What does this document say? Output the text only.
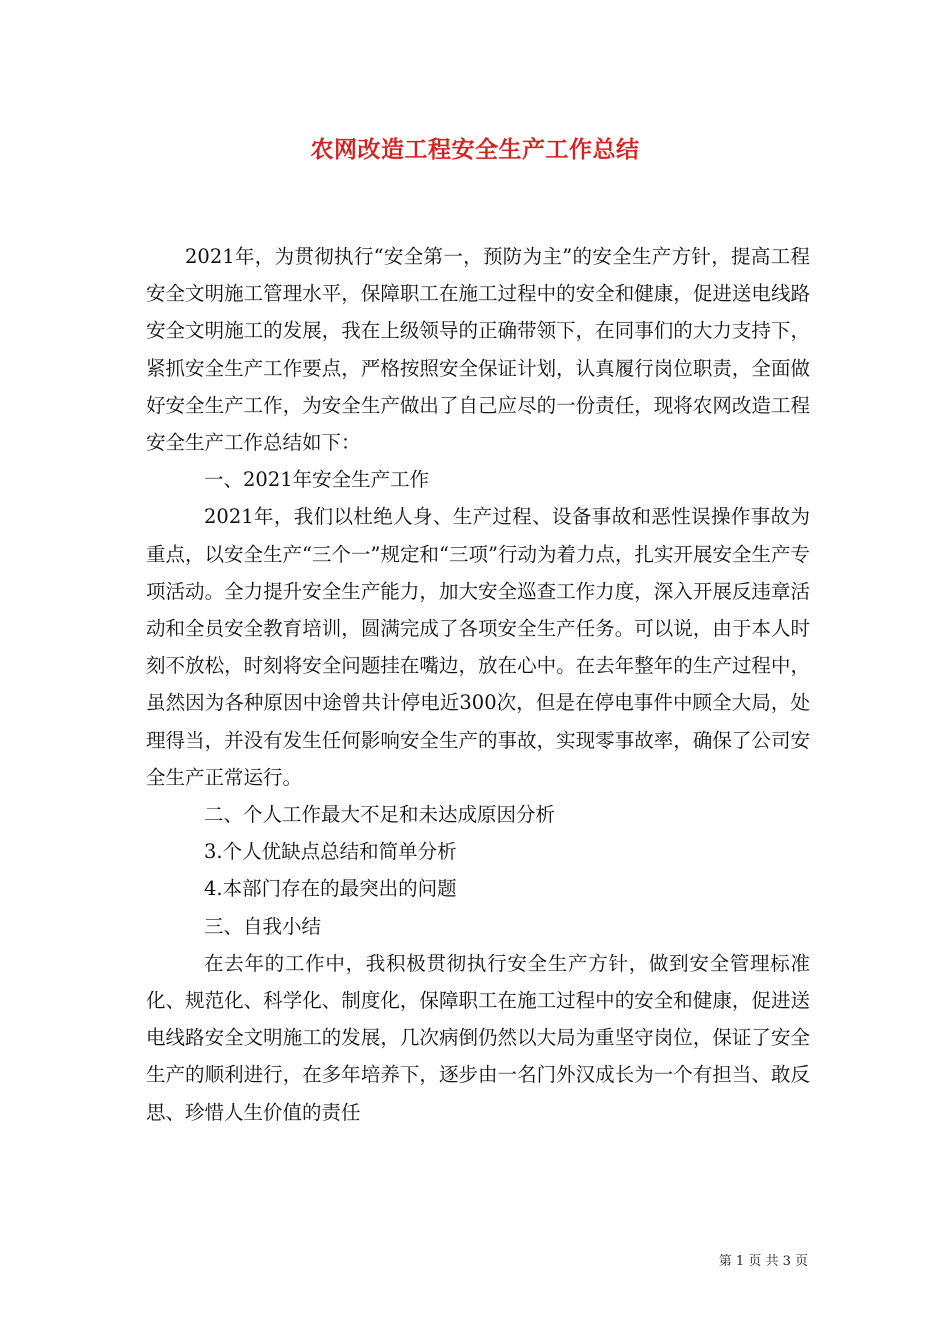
农网改造工程安全生产工作总结

2021年，为贯彻执行“安全第一，预防为主”的安全生产方针，提高工程安全文明施工管理水平，保障职工在施工过程中的安全和健康，促进送电线路安全文明施工的发展，我在上级领导的正确带领下，在同事们的大力支持下，紧抓安全生产工作要点，严格按照安全保证计划，认真履行岗位职责，全面做好安全生产工作，为安全生产做出了自己应尽的一份责任，现将农网改造工程安全生产工作总结如下：

一、2021年安全生产工作

2021年，我们以杜绝人身、生产过程、设备事故和恶性误操作事故为重点，以安全生产“三个一”规定和“三项”行动为着力点，扎实开展安全生产专项活动。全力提升安全生产能力，加大安全巡查工作力度，深入开展反违章活动和全员安全教育培训，圆满完成了各项安全生产任务。可以说，由于本人时刻不放松，时刻将安全问题挂在嘴边，放在心中。在去年整年的生产过程中，虽然因为各种原因中途曾共计停电近300次，但是在停电事件中顾全大局，处理得当，并没有发生任何影响安全生产的事故，实现零事故率，确保了公司安全生产正常运行。

二、个人工作最大不足和未达成原因分析

3.个人优缺点总结和简单分析

4.本部门存在的最突出的问题

三、自我小结

在去年的工作中，我积极贯彻执行安全生产方针，做到安全管理标准化、规范化、科学化、制度化，保障职工在施工过程中的安全和健康，促进送电线路安全文明施工的发展，几次病倒仍然以大局为重坚守岗位，保证了安全生产的顺利进行，在多年培养下，逐步由一名门外汉成长为一个有担当、敢反思、珍惜人生价值的责任

第 1 页 共 3 页
